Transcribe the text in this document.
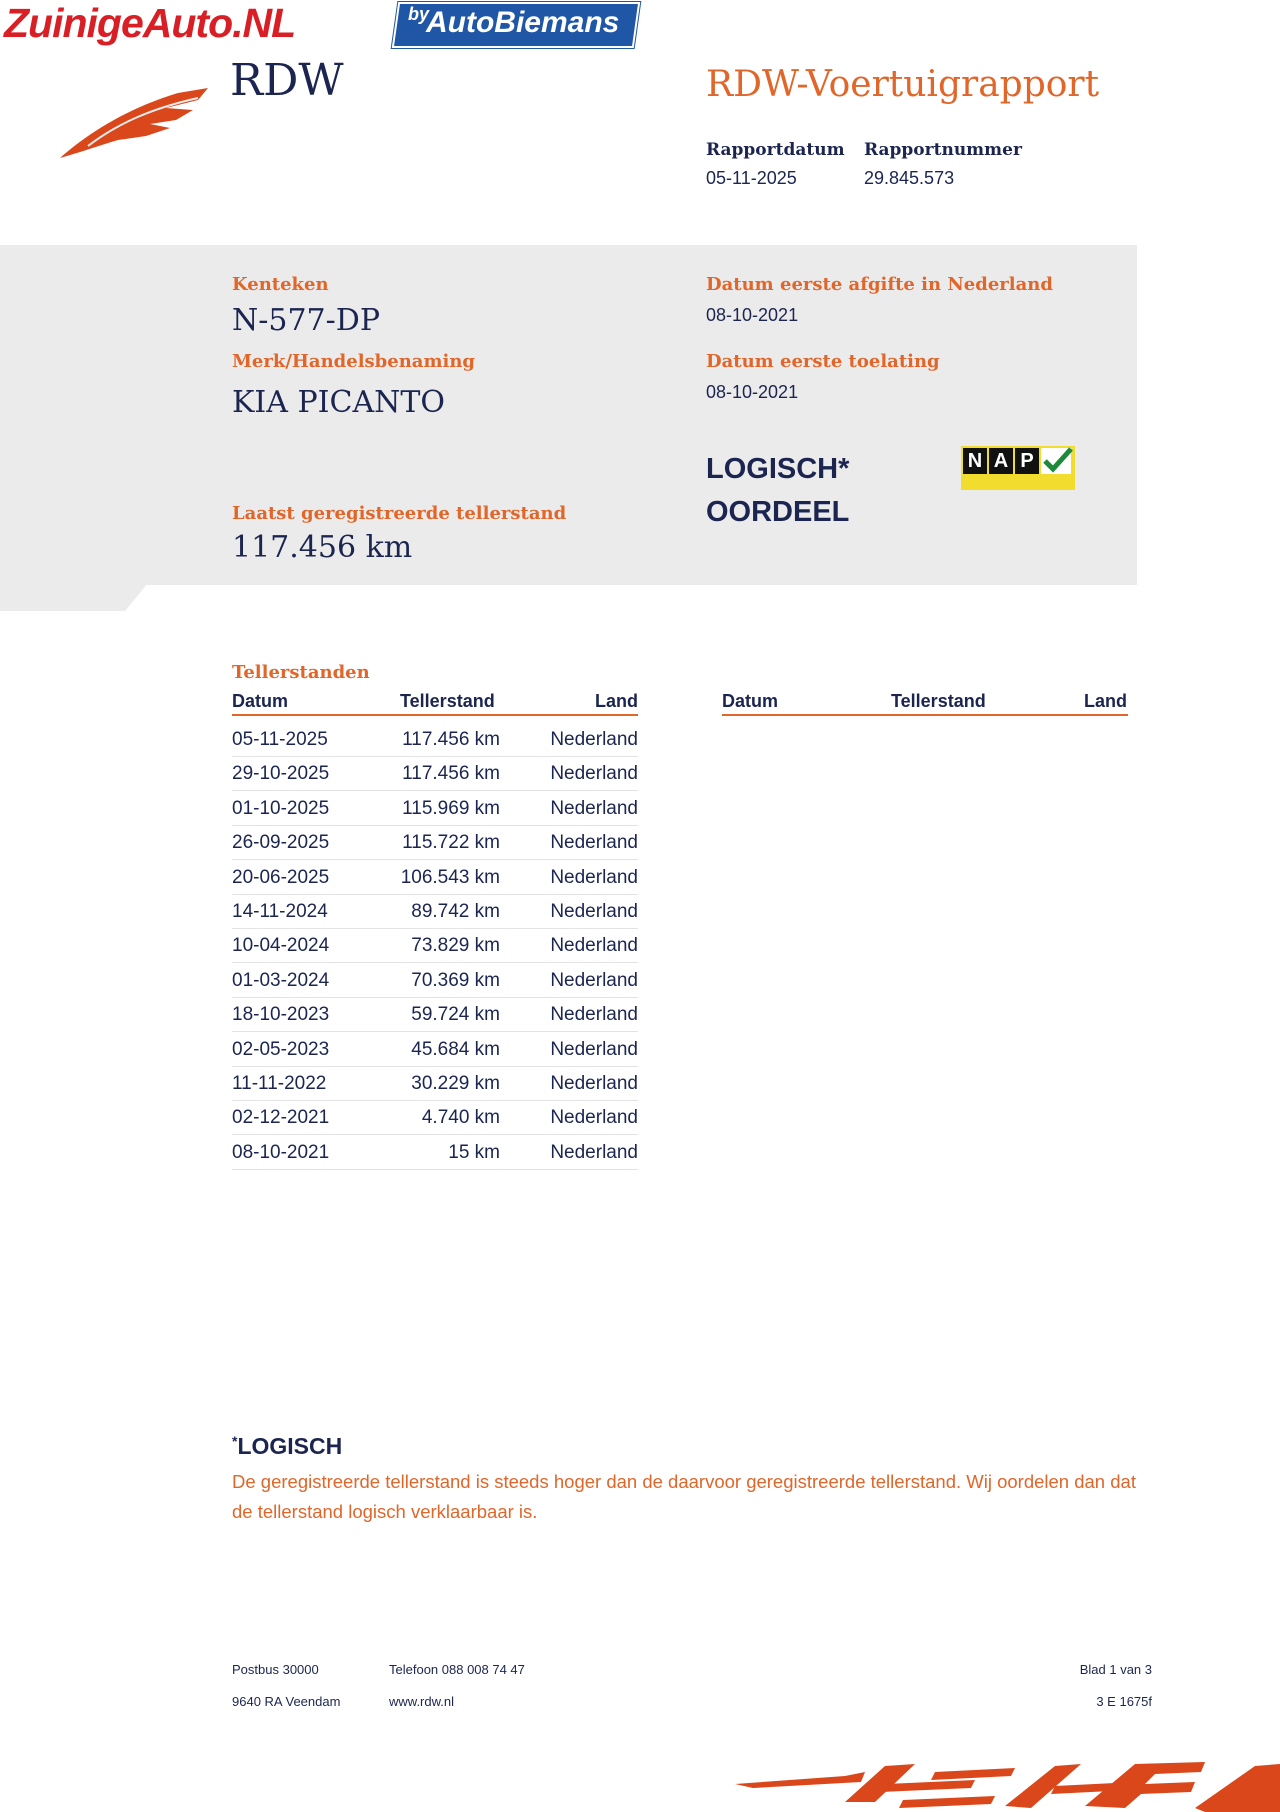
ZuinigeAuto.NL	by
AutoBiemans
RDW	RDW-Voertuigrapport
Rapportdatum
05-11-2025
Rapportnummer
29.845.573
Kenteken
N-577-DP
Merk/Handelsbenaming
KIA PICANTO
Datum eerste afgifte in Nederland
08-10-2021
Datum eerste toelating
08-10-2021
LOGISCH*
OORDEEL
N A P
Laatst geregistreerde tellerstand
117.456 km
Tellerstanden
Datum	Tellerstand	Land	Datum	Tellerstand	Land
05-11-2025	117.456 km	Nederland
29-10-2025	117.456 km	Nederland
01-10-2025	115.969 km	Nederland
26-09-2025	115.722 km	Nederland
20-06-2025	106.543 km	Nederland
14-11-2024	89.742 km	Nederland
10-04-2024	73.829 km	Nederland
01-03-2024	70.369 km	Nederland
18-10-2023	59.724 km	Nederland
02-05-2023	45.684 km	Nederland
11-11-2022	30.229 km	Nederland
02-12-2021	4.740 km	Nederland
08-10-2021	15 km	Nederland
*LOGISCH
De geregistreerde tellerstand is steeds hoger dan de daarvoor geregistreerde tellerstand. Wij oordelen dan dat de tellerstand logisch verklaarbaar is.
Postbus 30000
9640 RA Veendam
Telefoon 088 008 74 47
www.rdw.nl
Blad 1 van 3
3 E 1675f
